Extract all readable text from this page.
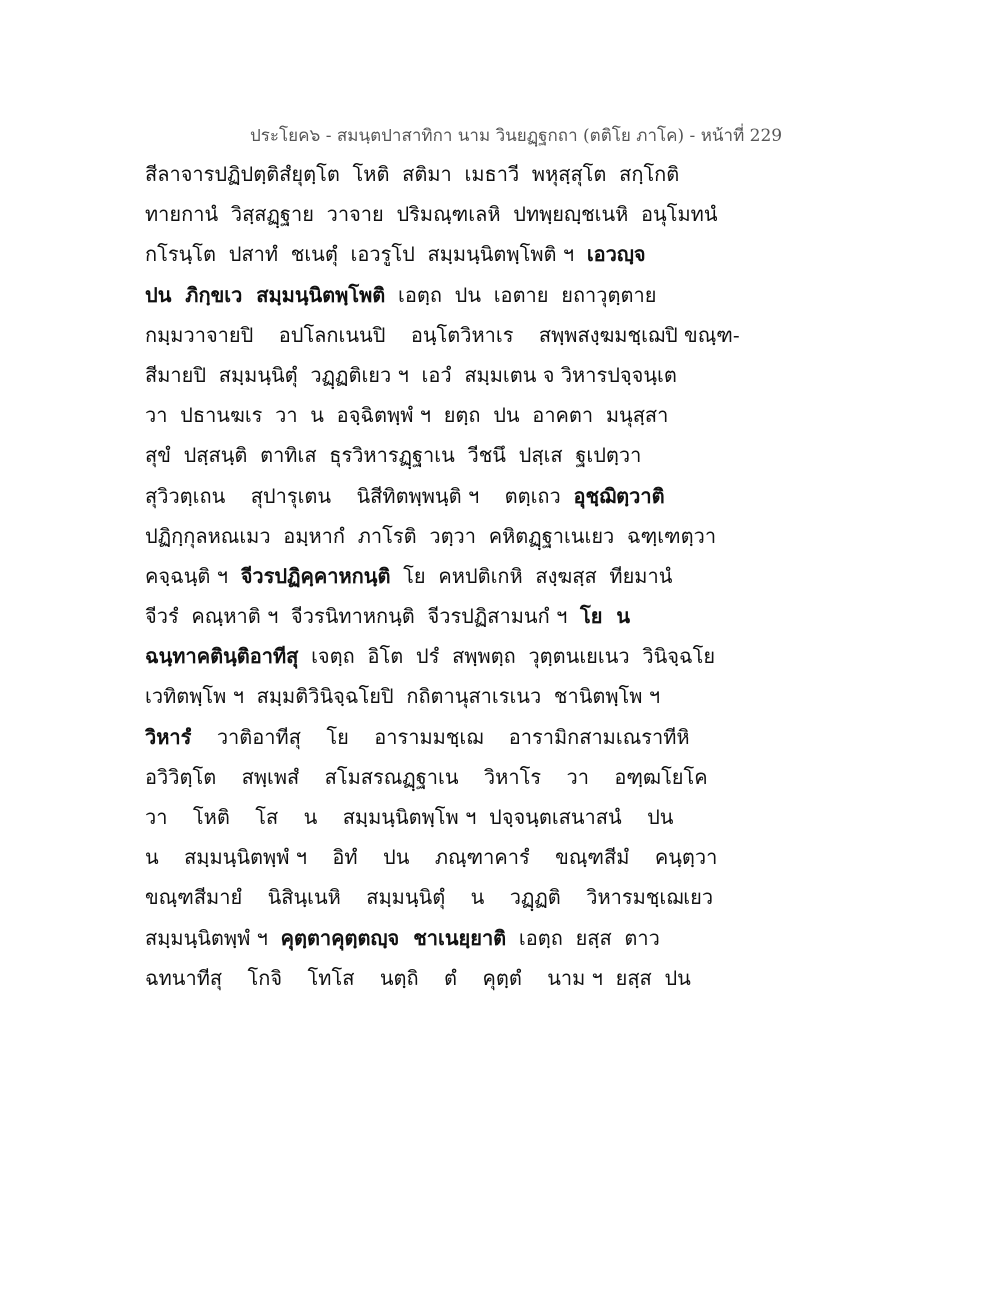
ประโยค๖ - สมนฺตปาสาทิกา นาม วินยฏฺฐกถา (ตติโย ภาโค) - หน้าที่ 229
สีลาจารปฏิปตฺติสํยุตฺโต  โหติ  สติมา  เมธาวี  พหุสฺสุโต  สกฺโกติ
ทายกานํ  วิสฺสฏฺฐาย  วาจาย  ปริมณฺฑเลหิ  ปทพฺยญฺชเนหิ  อนุโมทนํ
กโรนฺโต  ปสาทํ  ชเนตุํ  เอวรูโป  สมฺมนฺนิตพฺโพติ ฯ  เอวญฺจ
ปน  ภิกฺขเว  สมฺมนฺนิตพฺโพติ  เอตฺถ  ปน  เอตาย  ยถาวุตฺตาย
กมฺมวาจายปิ    อปโลกเนนปิ    อนฺโตวิหาเร    สพฺพสงฺฆมชฺเฌปิ ขณฺฑ-
สีมายปิ  สมฺมนฺนิตุํ  วฏฺฏติเยว ฯ  เอวํ  สมฺมเตน จ วิหารปจฺจนฺเต
วา  ปธานฆเร  วา  น  อจฺฉิตพฺพํ ฯ  ยตฺถ  ปน  อาคตา  มนุสฺสา
สุขํ  ปสฺสนฺติ  ตาทิเส  ธุรวิหารฏฺฐาเน  วีชนึ  ปสฺเส  ฐเปตฺวา
สุวิวตฺเถน    สุปารุเตน    นิสีทิตพฺพนฺติ ฯ    ตตฺเถว  อุชฺฌิตฺวาติ
ปฏิกฺกุลหณเมว  อมฺหากํ  ภาโรติ  วตฺวา  คหิตฏฺฐาเนเยว  ฉฑฺเฑตฺวา
คจฺฉนฺติ ฯ  จีวรปฏิคฺคาหกนฺติ  โย  คหปติเกหิ  สงฺฆสฺส  ทียมานํ
จีวรํ  คณฺหาติ ฯ  จีวรนิทาหกนฺติ  จีวรปฏิสามนกํ ฯ  โย  น
ฉนฺทาคตินฺติอาทีสุ  เจตฺถ  อิโต  ปรํ  สพฺพตฺถ  วุตฺตนเยเนว  วินิจฺฉโย
เวทิตพฺโพ ฯ  สมฺมติวินิจฺฉโยปิ  กถิตานุสาเรเนว  ชานิตพฺโพ ฯ
วิหารํ    วาติอาทีสุ    โย    อารามมชฺเฌ    อารามิกสามเณราทีหิ
อวิวิตฺโต    สพฺเพสํ    สโมสรณฏฺฐาเน    วิหาโร    วา    อฑฺฒโยโค
วา    โหติ    โส    น    สมฺมนฺนิตพฺโพ ฯ  ปจฺจนฺตเสนาสนํ    ปน
น    สมฺมนฺนิตพฺพํ ฯ    อิทํ    ปน    ภณฺฑาคารํ    ขณฺฑสีมํ    คนฺตฺวา
ขณฺฑสีมายํ    นิสินฺเนหิ    สมฺมนฺนิตุํ    น    วฏฺฏติ    วิหารมชฺเฌเยว
สมฺมนฺนิตพฺพํ ฯ  คุตฺตาคุตฺตญฺจ  ชาเนยฺยาติ  เอตฺถ  ยสฺส  ตาว
ฉทนาทีสุ    โกจิ    โทโส    นตฺถิ    ตํ    คุตฺตํ    นาม ฯ  ยสฺส  ปน
